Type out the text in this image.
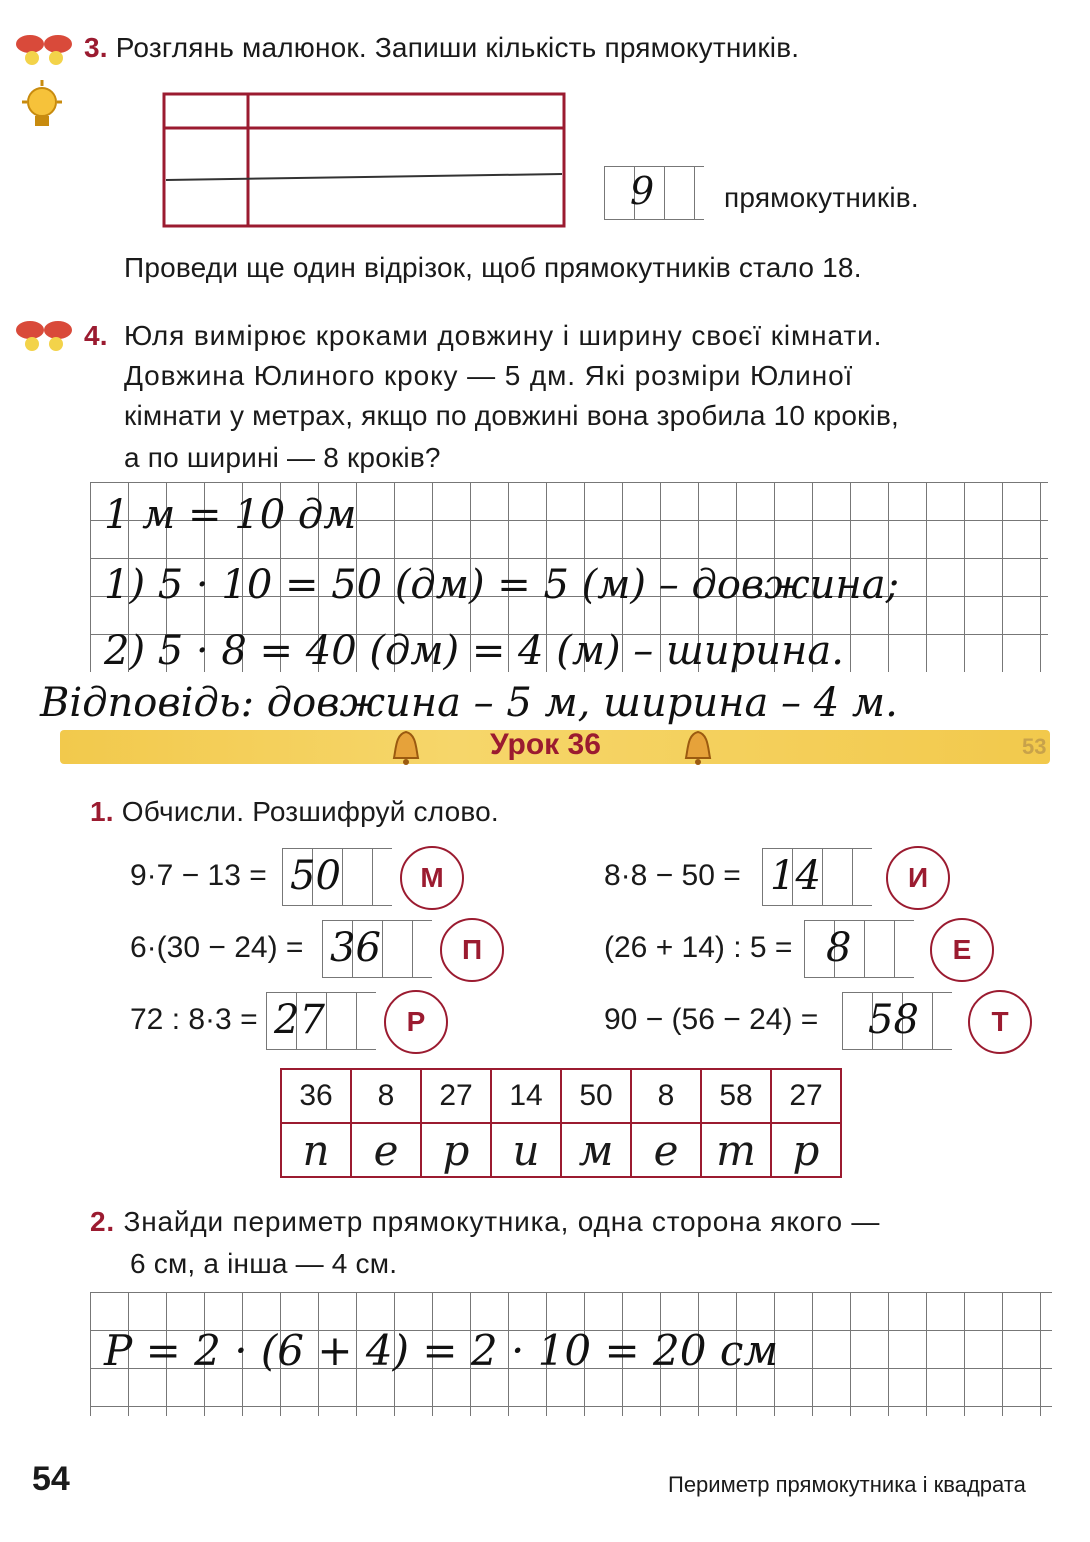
3. Розглянь малюнок. Запиши кількість прямокутників.
9 прямокутників.
Проведи ще один відрізок, щоб прямокутників стало 18.
4. Юля вимірює кроками довжину і ширину своєї кімнати.
Довжина Юлиного кроку — 5 дм. Які розміри Юлиної
кімнати у метрах, якщо по довжині вона зробила 10 кроків,
а по ширині — 8 кроків?
1 м = 10 дм
1) 5 · 10 = 50 (дм) = 5 (м) – довжина;
2) 5 · 8 = 40 (дм) = 4 (м) – ширина.
Відповідь: довжина – 5 м, ширина – 4 м.
Урок 36	53
1. Обчисли. Розшифруй слово.
9·7 − 13 = 50	М
6·(30 − 24) = 36	П
72 : 8·3 = 27	Р
8·8 − 50 = 14	И
(26 + 14) : 5 = 8	Е
90 − (56 − 24) = 58	Т
36	8	27	14	50	8	58	27
п	е	р	и	м	е	т	р
2. Знайди периметр прямокутника, одна сторона якого —
6 см, а інша — 4 см.
Р = 2 · (6 + 4) = 2 · 10 = 20 см
54	Периметр прямокутника і квадрата
